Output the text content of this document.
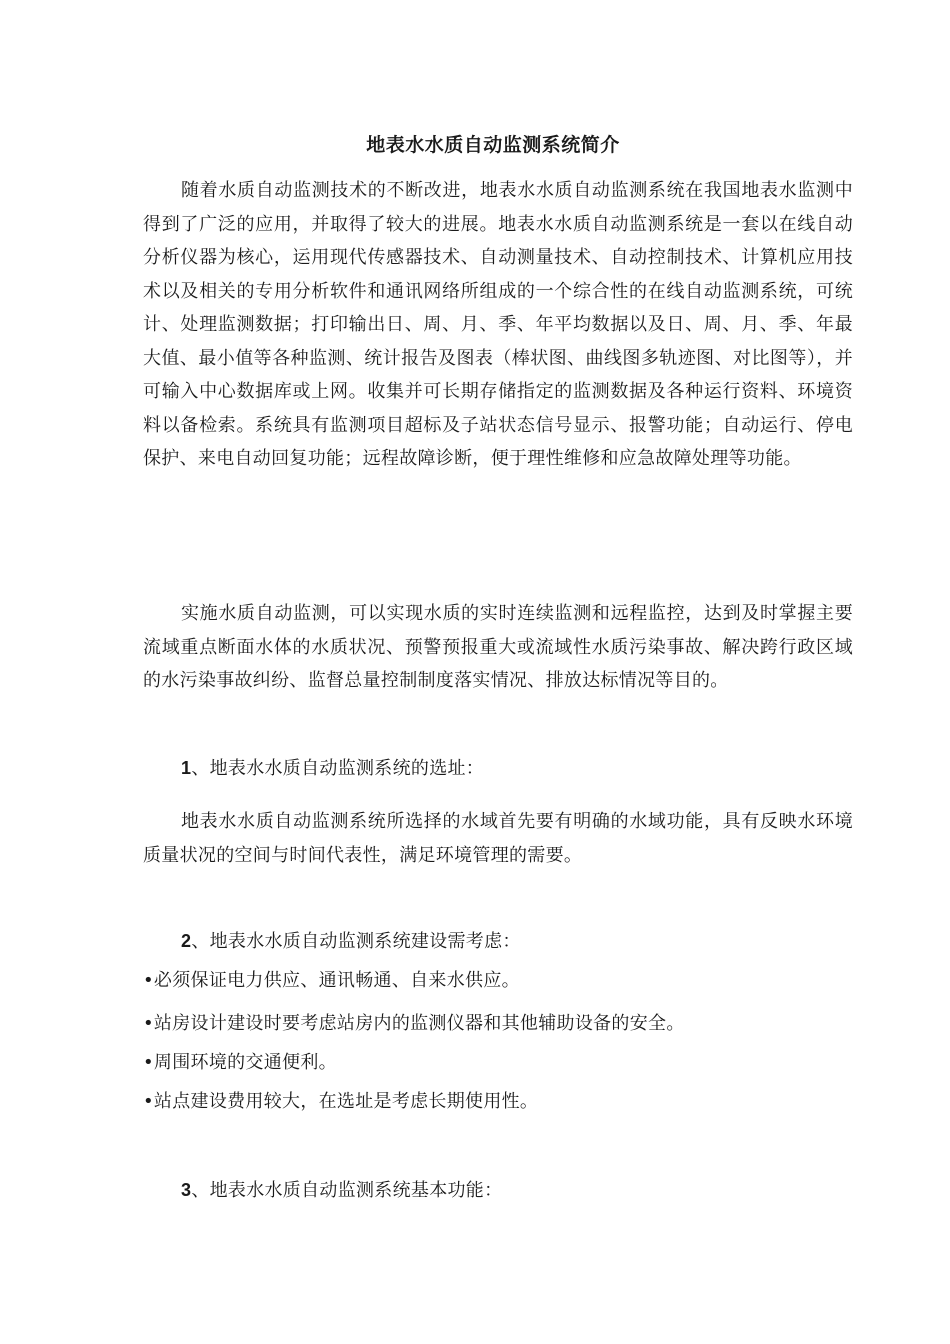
地表水水质自动监测系统简介
随着水质自动监测技术的不断改进，地表水水质自动监测系统在我国地表水监测中得到了广泛的应用，并取得了较大的进展。地表水水质自动监测系统是一套以在线自动分析仪器为核心，运用现代传感器技术、自动测量技术、自动控制技术、计算机应用技术以及相关的专用分析软件和通讯网络所组成的一个综合性的在线自动监测系统，可统计、处理监测数据；打印输出日、周、月、季、年平均数据以及日、周、月、季、年最大值、最小值等各种监测、统计报告及图表（棒状图、曲线图多轨迹图、对比图等），并可输入中心数据库或上网。收集并可长期存储指定的监测数据及各种运行资料、环境资料以备检索。系统具有监测项目超标及子站状态信号显示、报警功能；自动运行、停电保护、来电自动回复功能；远程故障诊断，便于理性维修和应急故障处理等功能。
实施水质自动监测，可以实现水质的实时连续监测和远程监控，达到及时掌握主要流域重点断面水体的水质状况、预警预报重大或流域性水质污染事故、解决跨行政区域的水污染事故纠纷、监督总量控制制度落实情况、排放达标情况等目的。
1、地表水水质自动监测系统的选址：
地表水水质自动监测系统所选择的水域首先要有明确的水域功能，具有反映水环境质量状况的空间与时间代表性，满足环境管理的需要。
2、地表水水质自动监测系统建设需考虑：
•必须保证电力供应、通讯畅通、自来水供应。
•站房设计建设时要考虑站房内的监测仪器和其他辅助设备的安全。
•周围环境的交通便利。
•站点建设费用较大，在选址是考虑长期使用性。
3、地表水水质自动监测系统基本功能：
